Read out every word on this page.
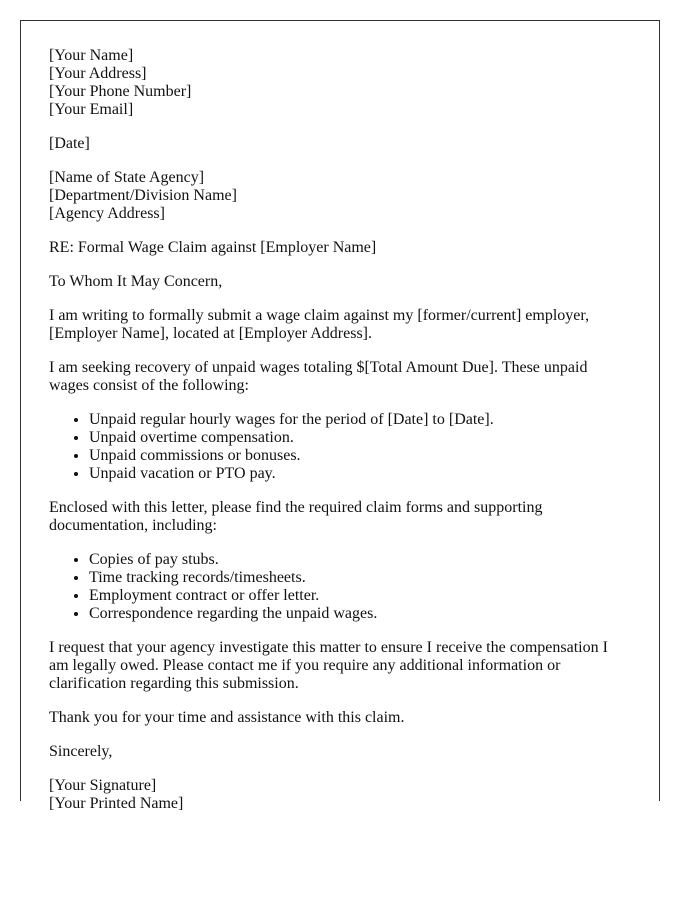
[Your Name]
[Your Address]
[Your Phone Number]
[Your Email]

[Date]

[Name of State Agency]
[Department/Division Name]
[Agency Address]

RE: Formal Wage Claim against [Employer Name]

To Whom It May Concern,

I am writing to formally submit a wage claim against my [former/current] employer, [Employer Name], located at [Employer Address].

I am seeking recovery of unpaid wages totaling $[Total Amount Due]. These unpaid wages consist of the following:

• Unpaid regular hourly wages for the period of [Date] to [Date].
• Unpaid overtime compensation.
• Unpaid commissions or bonuses.
• Unpaid vacation or PTO pay.

Enclosed with this letter, please find the required claim forms and supporting documentation, including:

• Copies of pay stubs.
• Time tracking records/timesheets.
• Employment contract or offer letter.
• Correspondence regarding the unpaid wages.

I request that your agency investigate this matter to ensure I receive the compensation I am legally owed. Please contact me if you require any additional information or clarification regarding this submission.

Thank you for your time and assistance with this claim.

Sincerely,

[Your Signature]
[Your Printed Name]
